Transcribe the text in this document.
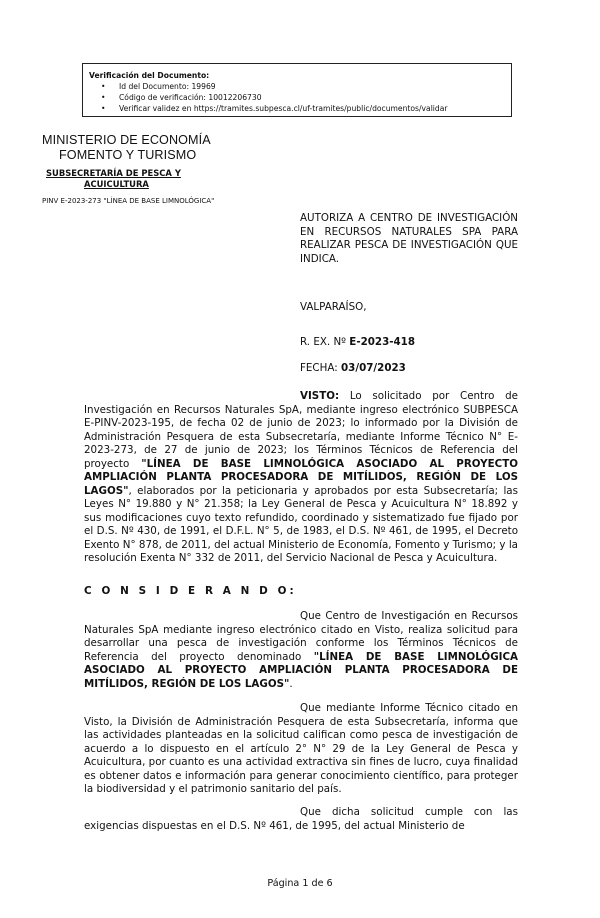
Verificación del Documento:
• Id del Documento: 19969
• Código de verificación: 10012206730
• Verificar validez en https://tramites.subpesca.cl/uf-tramites/public/documentos/validar
MINISTERIO DE ECONOMÍA
FOMENTO Y TURISMO
SUBSECRETARÍA DE PESCA Y
ACUICULTURA
PINV E-2023-273 "LÍNEA DE BASE LIMNOLÓGICA"
AUTORIZA A CENTRO DE INVESTIGACIÓN EN RECURSOS NATURALES SPA PARA REALIZAR PESCA DE INVESTIGACIÓN QUE INDICA.
VALPARAÍSO,
R. EX. Nº E-2023-418
FECHA: 03/07/2023
VISTO: Lo solicitado por Centro de Investigación en Recursos Naturales SpA, mediante ingreso electrónico SUBPESCA E-PINV-2023-195, de fecha 02 de junio de 2023; lo informado por la División de Administración Pesquera de esta Subsecretaría, mediante Informe Técnico N° E-2023-273, de 27 de junio de 2023; los Términos Técnicos de Referencia del proyecto "LÍNEA DE BASE LIMNOLÓGICA ASOCIADO AL PROYECTO AMPLIACIÓN PLANTA PROCESADORA DE MITÍLIDOS, REGIÓN DE LOS LAGOS", elaborados por la peticionaria y aprobados por esta Subsecretaría; las Leyes N° 19.880 y N° 21.358; la Ley General de Pesca y Acuicultura N° 18.892 y sus modificaciones cuyo texto refundido, coordinado y sistematizado fue fijado por el D.S. Nº 430, de 1991, el D.F.L. N° 5, de 1983, el D.S. Nº 461, de 1995, el Decreto Exento N° 878, de 2011, del actual Ministerio de Economía, Fomento y Turismo; y la resolución Exenta N° 332 de 2011, del Servicio Nacional de Pesca y Acuicultura.
C O N S I D E R A N D O:
Que Centro de Investigación en Recursos Naturales SpA mediante ingreso electrónico citado en Visto, realiza solicitud para desarrollar una pesca de investigación conforme los Términos Técnicos de Referencia del proyecto denominado "LÍNEA DE BASE LIMNOLÓGICA ASOCIADO AL PROYECTO AMPLIACIÓN PLANTA PROCESADORA DE MITÍLIDOS, REGIÓN DE LOS LAGOS".
Que mediante Informe Técnico citado en Visto, la División de Administración Pesquera de esta Subsecretaría, informa que las actividades planteadas en la solicitud califican como pesca de investigación de acuerdo a lo dispuesto en el artículo 2° N° 29 de la Ley General de Pesca y Acuicultura, por cuanto es una actividad extractiva sin fines de lucro, cuya finalidad es obtener datos e información para generar conocimiento científico, para proteger la biodiversidad y el patrimonio sanitario del país.
Que dicha solicitud cumple con las exigencias dispuestas en el D.S. Nº 461, de 1995, del actual Ministerio de
Página 1 de 6
